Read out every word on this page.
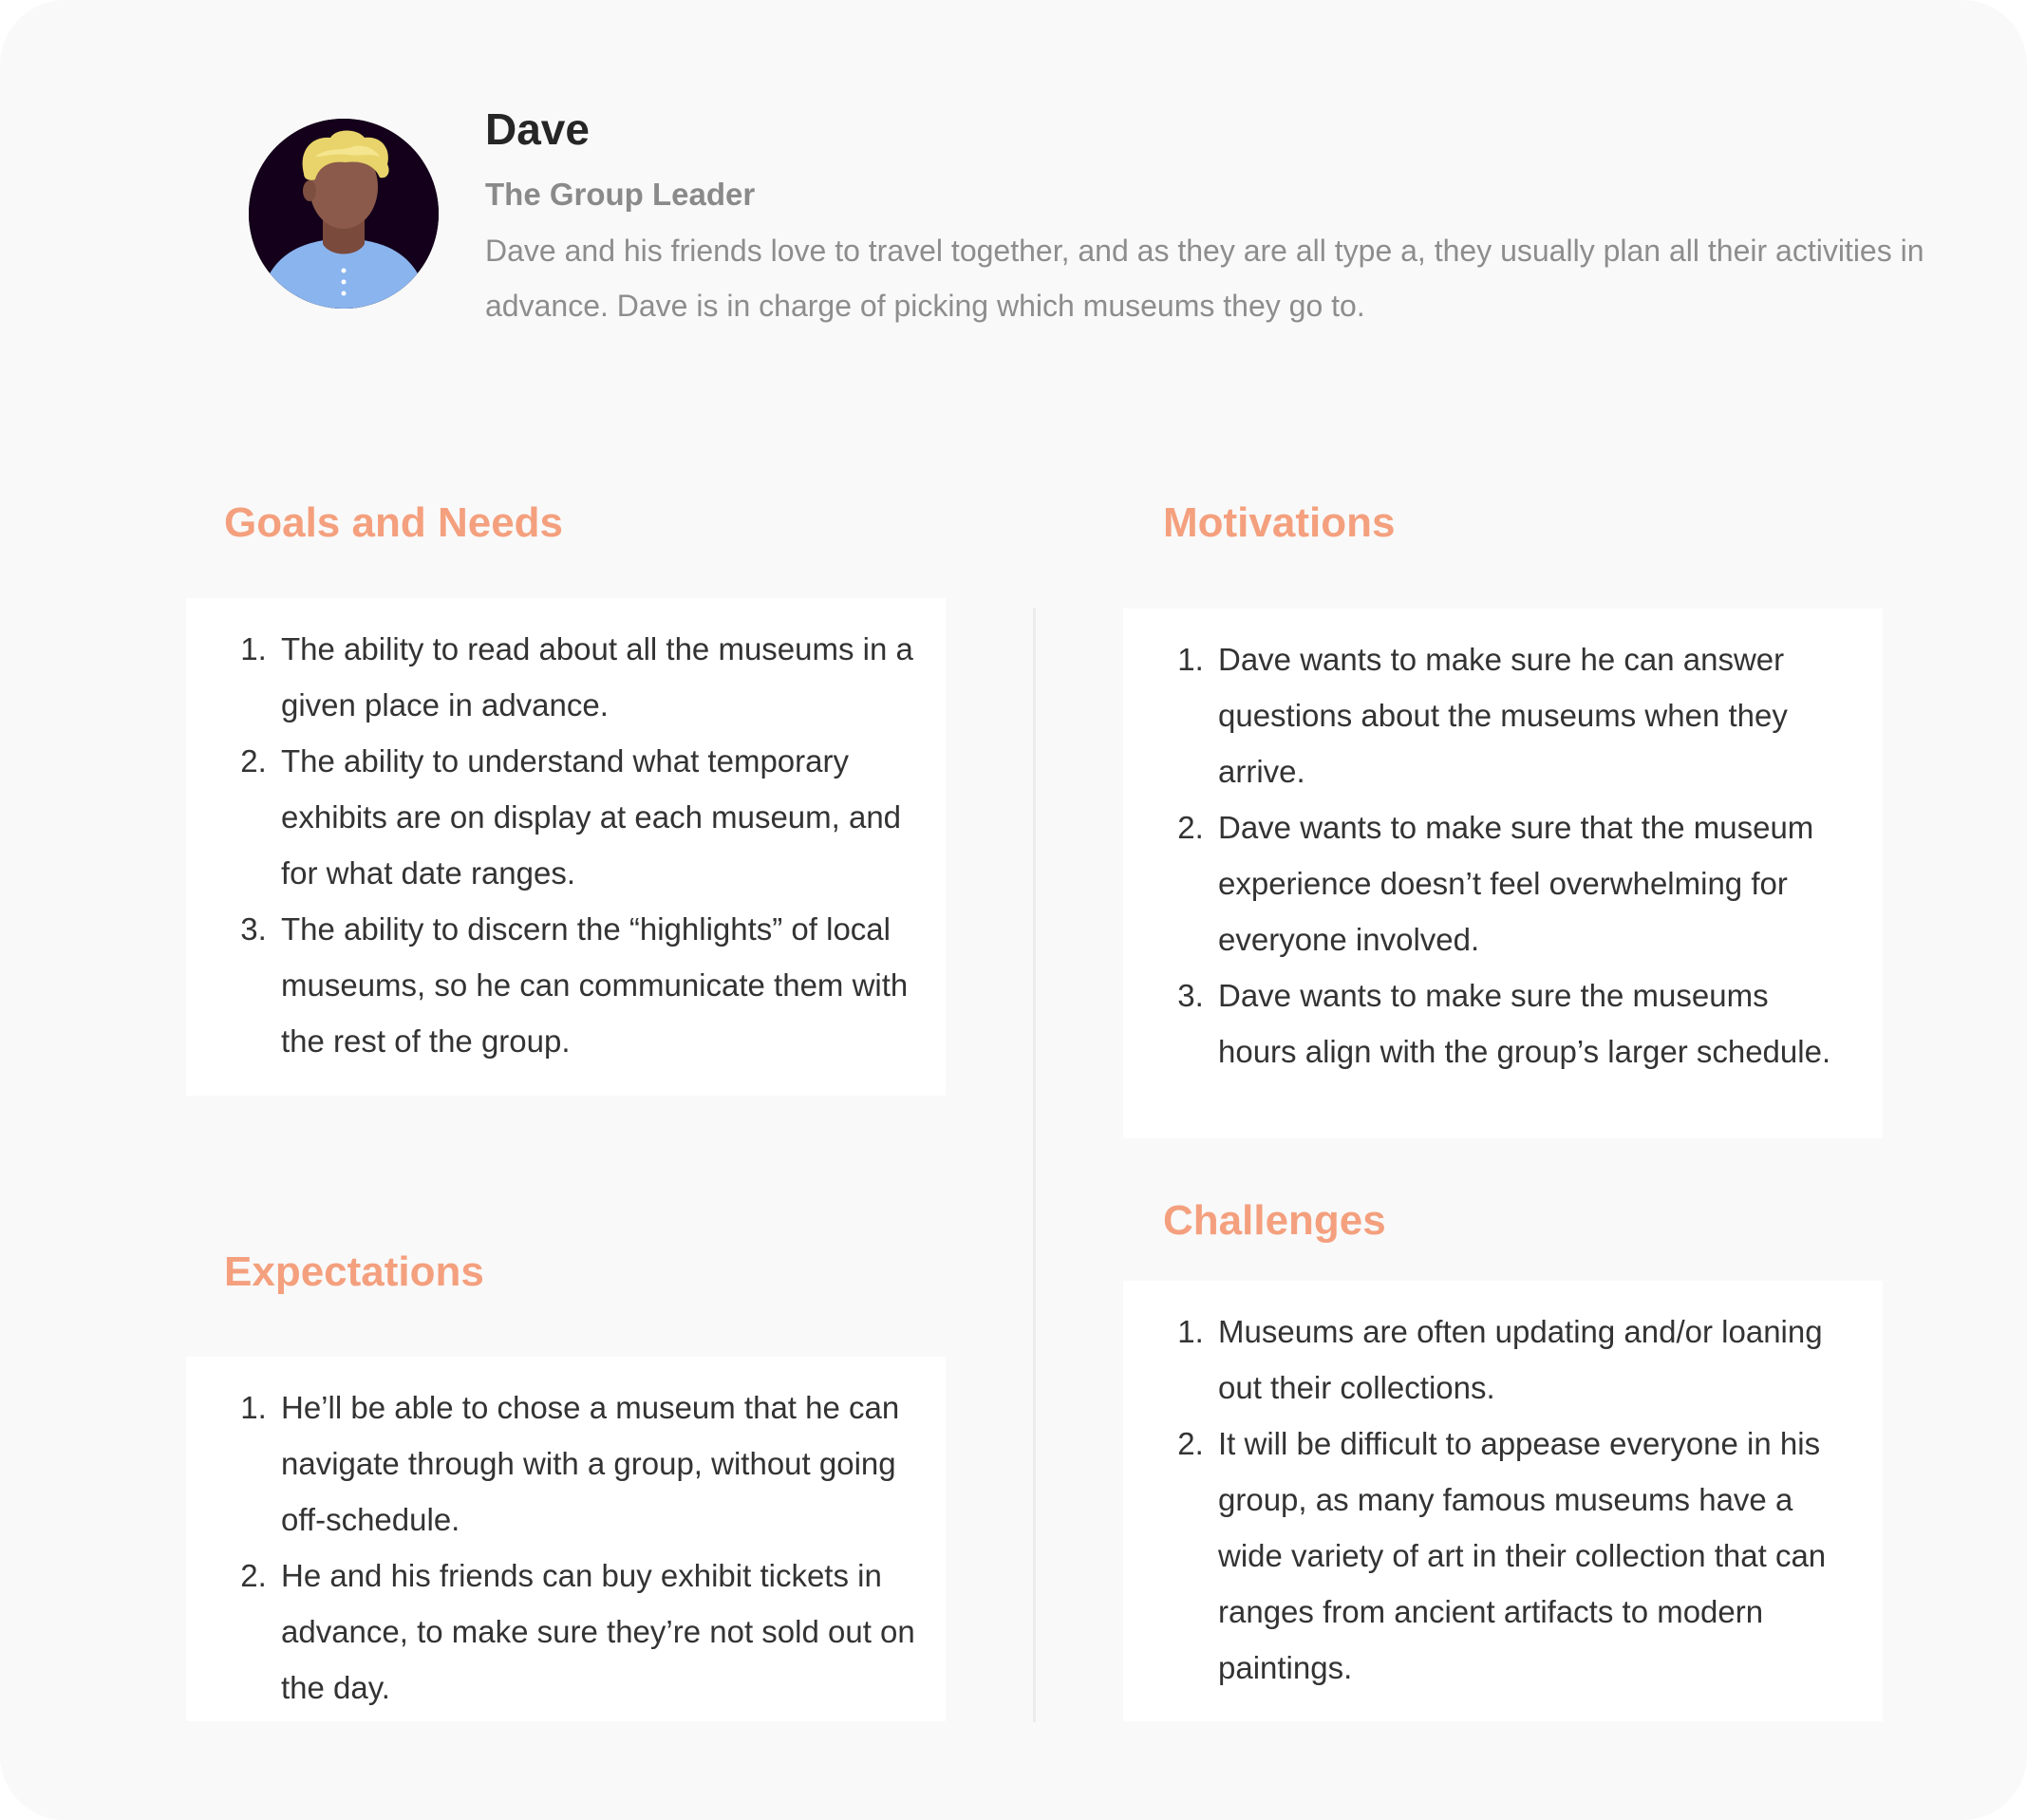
Dave
The Group Leader

Dave and his friends love to travel together, and as they are all type a, they usually plan all their activities in advance. Dave is in charge of picking which museums they go to.

Goals and Needs
1. The ability to read about all the museums in a given place in advance.
2. The ability to understand what temporary exhibits are on display at each museum, and for what date ranges.
3. The ability to discern the “highlights” of local museums, so he can communicate them with the rest of the group.
Motivations
1. Dave wants to make sure he can answer questions about the museums when they arrive.
2. Dave wants to make sure that the museum experience doesn’t feel overwhelming for everyone involved.
3. Dave wants to make sure the museums hours align with the group’s larger schedule.
Expectations
1. He’ll be able to chose a museum that he can navigate through with a group, without going off-schedule.
2. He and his friends can buy exhibit tickets in advance, to make sure they’re not sold out on the day.
Challenges
1. Museums are often updating and/or loaning out their collections.
2. It will be difficult to appease everyone in his group, as many famous museums have a wide variety of art in their collection that can ranges from ancient artifacts to modern paintings.
